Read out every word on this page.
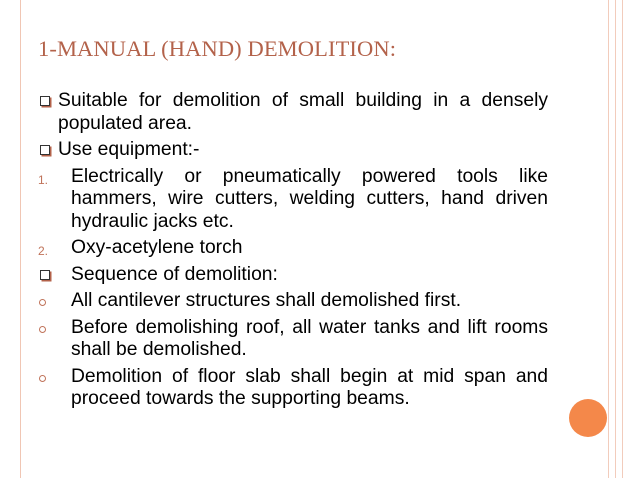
1-MANUAL (HAND) DEMOLITION:
Suitable for demolition of small building in a densely populated area.
Use equipment:-
1. Electrically or pneumatically powered tools like hammers, wire cutters, welding cutters, hand driven hydraulic jacks etc.
2. Oxy-acetylene torch
Sequence of demolition:
All cantilever structures shall demolished first.
Before demolishing roof, all water tanks and lift rooms shall be demolished.
Demolition of floor slab shall begin at mid span and proceed towards the supporting beams.
